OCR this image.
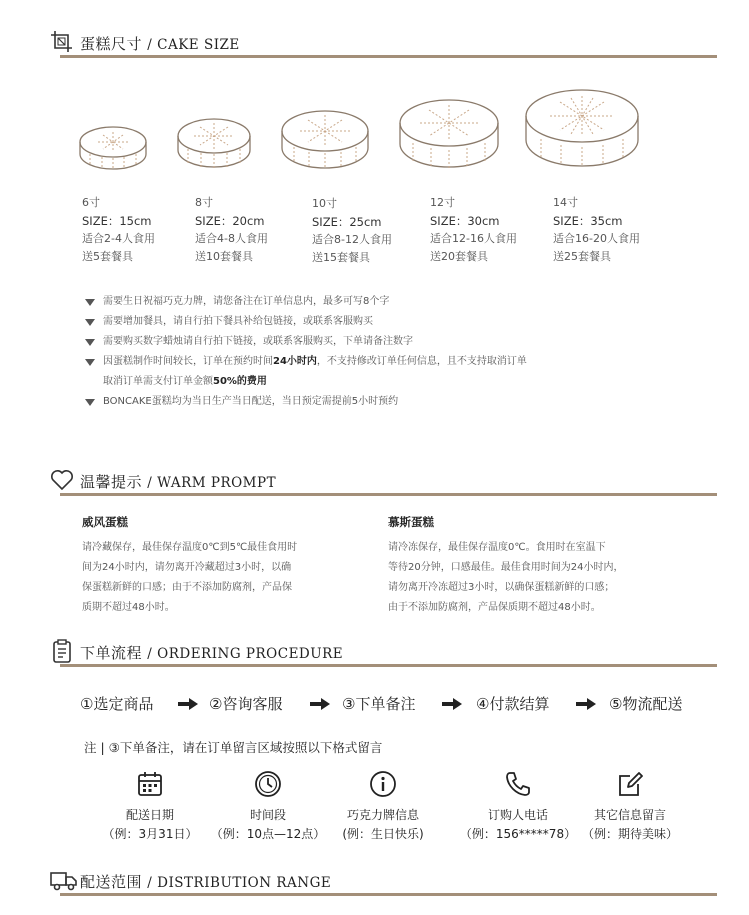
蛋糕尺寸 / CAKE SIZE
6寸
SIZE：15cm
适合2-4人食用
送5套餐具
8寸
SIZE：20cm
适合4-8人食用
送10套餐具
10寸
SIZE：25cm
适合8-12人食用
送15套餐具
12寸
SIZE：30cm
适合12-16人食用
送20套餐具
14寸
SIZE：35cm
适合16-20人食用
送25套餐具
需要生日祝福巧克力牌，请您备注在订单信息内，最多可写8个字
需要增加餐具，请自行拍下餐具补给包链接，或联系客服购买
需要购买数字蜡烛请自行拍下链接，或联系客服购买，下单请备注数字
因蛋糕制作时间较长，订单在预约时间24小时内，不支持修改订单任何信息，且不支持取消订单
取消订单需支付订单金额50%的费用
BONCAKE蛋糕均为当日生产当日配送，当日预定需提前5小时预约
温馨提示 / WARM PROMPT
威风蛋糕
请冷藏保存，最佳保存温度0℃到5℃最佳食用时
间为24小时内，请勿离开冷藏超过3小时，以确
保蛋糕新鲜的口感；由于不添加防腐剂，产品保
质期不超过48小时。
慕斯蛋糕
请冷冻保存，最佳保存温度0℃。食用时在室温下
等待20分钟，口感最佳。最佳食用时间为24小时内，
请勿离开冷冻超过3小时，以确保蛋糕新鲜的口感；
由于不添加防腐剂，产品保质期不超过48小时。
下单流程 / ORDERING PROCEDURE
①选定商品	②咨询客服	③下单备注	④付款结算	⑤物流配送
注 | ③下单备注，请在订单留言区域按照以下格式留言
配送日期
（例：3月31日）
时间段
（例：10点—12点）
巧克力牌信息
(例：生日快乐)
订购人电话
（例：156*****78）
其它信息留言
（例：期待美味）
配送范围 / DISTRIBUTION RANGE
